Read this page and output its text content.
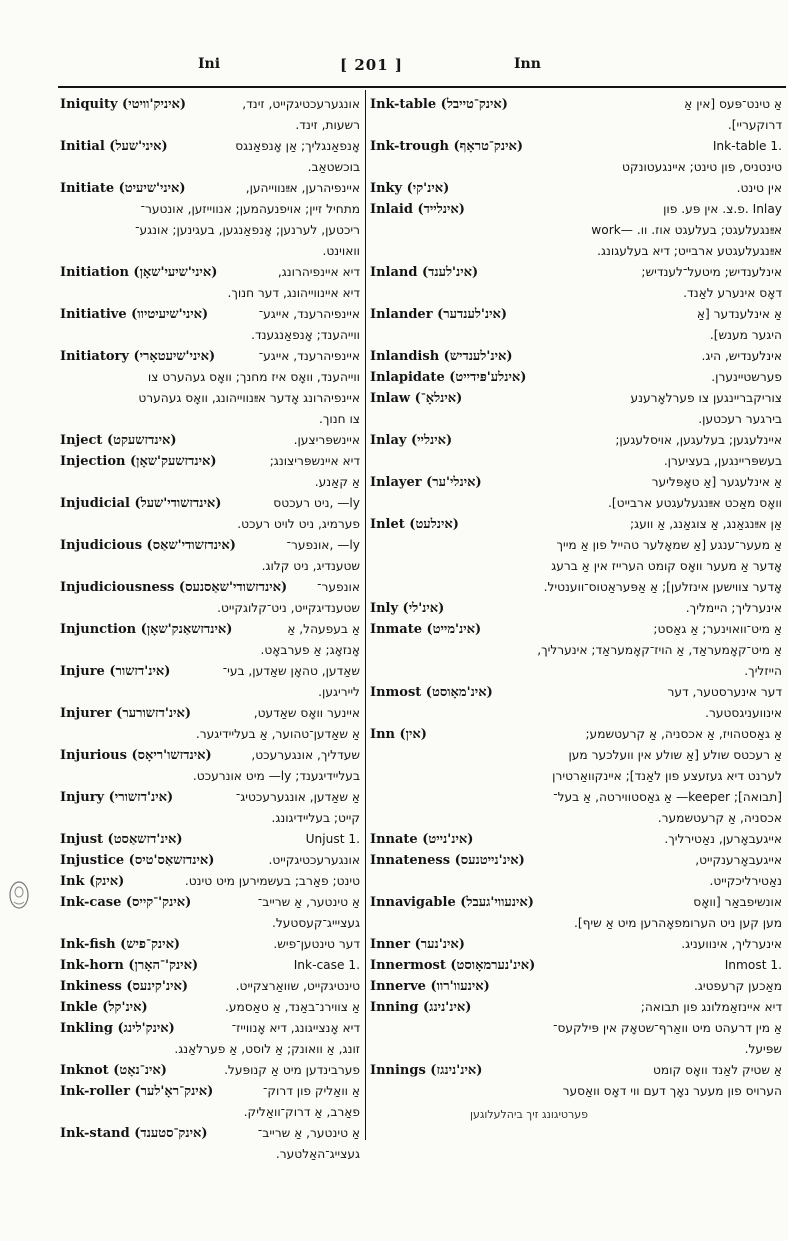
Ini	[ 201 ]	Inn
Ink-table (אינק־טייבל)	אַ טינט־פּעס [אין אַ
דרוקעריי].
Ink-trough (אינק־טראָף)	.1 Ink-table
טינטניס, פון טינט; איינגעטונקט
Inky (אינ'קי)	אין טינט.
Inlaid (אינלייד)	Inlay .פ.צ. אין פּע. פון
אײַנגעלעגט; בעלעגט אוז. וו. —work
אײַנגעלעגטע ארבייט; דיא בעלעגונג.
Inland (אינ'לענד)	אינלענדיש; מיטעל־לענדיש;
דאָס אינערע לאַנד.
Inlander (אינ'לענדער)	אַ אינלענדער [אַ
היגער מענש].
Inlandish (אינ'לענדיש)	אינלענדיש, היג.
Inlapidate (אינלע'פּידייט)	פערשטיינערן.
Inlaw (אינלאָ־)	צוריקבריינגען צו פערלאָרענע
בירגער רעכטען.
Inlay (אינליי)	איינלעגען; בעלעגען, אויסלעגען;
בעשפּריינגען, בעציערן.
Inlayer (אינלי'ער)	אַ אינלעגער [אַ טאָפּליער
וואָס מאַכט אײַנגעלעגטע ארבייט].
Inlet (אינלעט)	אַן אײַנגאַנג, אַ צוגאַנג, אַ וועג;
אַ מעער־ענגע [אַ שמאָלער טהייל פון אַ מייך
אָדער אַ מעער וואָס קומט הערייז אין אַ ברעג
אָדער צווישען אינזלען]; אַ אַפּעראַטוס־ווענטיל.
Inly (אינ'לי)	אינערליך; היימליך.
Inmate (אינ'מייט)	אַ מיט־וואוינער; אַ גאַסט;
אַ מיט־קאָמעראַד, אַ הויז־קאָמעראַד; אינערליך,
הייזליך.
Inmost (אינ'מאָוסט)	דער אינערסטער, דער
אינוועניגסטער.
Inn (אין)	אַ גאַסטהויז, אַ אכסניה, אַ קרעטשמע;
אַ רעכטס שולע [אַ שולע אין וועלכער מען
לערנט דיא געזעצע פון לאַנד]; איינקוואַרטירן
[תבואה]; keeper— אַ גאַסטווירטה, אַ בעל־
אכסניה, אַ קרעטשמער.
Innate (אינ'נייט)	אייגעבאָרען, נאַטירליך.
Innateness (אינ'נייטנעס)	אייגעבאָרענקייט,
נאַטירליכקייט.
Innavigable (אינעווי'געבל)	אונשיפבאַר [וואָס
מען קען ניט הערומפאָהרען מיט אַ שיף].
Inner (אינ'נער)	אינערליך, אינוועניג.
Innermost (אינ'נערמאָוסט)	.1 Inmost
Innerve (אינעוו'רוו)	מאַכען קרעפטיג.
Inning (אינ'נינג)	דיא איינזאַמלונג פון תבואה;
אַ מין דרעהט מיט וואַרף־שטאָק אין פּילקעס־
שפּיעל.
Innings (אינ'נינגז)	אַ שטיק לאַנד וואָס קומט
הערויס פון מעער נאָך דעם ווי דאָס וואַסער
Iniquity (איניק'וויטי)	אונגערעכטיגקייט, זינד,
רשעות, זינד.
Initial (איני'שעל)	אָנפאַנגליך; אַן אָנפאַנגס
בוכשטאַב.
Initiate (איני'שיעיט)	איינפיהרען, אײַנווייהען,
מתחיל זיין; אויפנעהמען; אנווייזען, אונטער־
ריכטען, לערנען; אָנפאַנגען, בעגינען; אונגע־
וואוינט.
Initiation (איני'שיעי'שאָן)	דיא איינפיהרונג,
דיא איינווייהונג, דער חנוך.
Initiative (איני'שיעיטיוו)	איינפיהרענד, אייגע־
ווייהענד; אָנפאַנגענד.
Initiatory (איני'שיעטאָרי)	איינפיהרענד, אייגע־
ווייהענד, וואָס איז מחנך; וואָס געהערט צו
איינפיהרונג אָדער אײַנווייהונג, וואָס געהערט
צו חנוך.
Inject (אינדזשעקט)	איינשפּריצען.
Injection (אינדזשעק'שאָן)	דיא איינשפּריצונג;
אַ קאַנע.
Injudicial (אינדזשודי'שעל)	ly— ,ניט רעכטס
פערמיג, ניט לויט רעכט.
Injudicious (אינדזשודי'שאַס)	ly— ,אונפער־
שטענדיג, ניט קלוג.
Injudiciousness (אינדזשודי'שאַסנעס) אונפער־
שטענדיגקייט, ניט־קלוגקייט.
Injunction (אינדזשאַנק'שאָן)	אַ בעפעהל, אַ
אָנזאָג; אַ פערבאָט.
Injure (אינ'דזשור)	שאַדען, טהאָן שאַדען, בעי־
לייריגען.
Injurer (אינ'דזשורער)	איינער וואָס שאַדעט,
אַ שאַדען־טהוער, אַ בעליידיגער.
Injurious (אינדזשו'ריאָס)	שעדליך, אונגערעכט,
בעליידיגענד; ly— מיט אונרעכט.
Injury (אינ'דזשורי)	אַ שאַדען, אונגערעכטיג־
קייט; בעליידיגונג.
Injust (אינ'דזשאַסט)	.1 Unjust
Injustice (אינדזשאַס'טיס)	אונגערעכטיגקייט.
Ink (אינק)	טינט; פאַרב; בעשמירען מיט טינט.
Ink-case (אינק'־קייס)	אַ טינטער, אַ שרייב־
געציייג־קעסטעל.
Ink-fish (אינק־פיש)	דער טינטען־פיש.
Ink-horn (אינק'־האָרן)	.1 Ink-case
Inkiness (אינ'קינעס)	טינטיגקייט, שוואַרצקייט.
Inkle (אינ'קל)	אַ צווירנ־באַנד, אַ טאַסמע.
Inkling (אינק'לינג)	דיא אָנצייגונג, דיא אָנווייז־
זונג, אַ וואונק; אַ לוסט, אַ פערלאַנג.
Inknot (אינ־נאָט)	פערבינדען מיט אַ קנופּעל.
Ink-roller (אינק־ראָ'לער)	אַ וואַליק פון דרוק־
פאַרב, אַ דרוק־וואַליק.
Ink-stand (אינק־סטענד)	אַ טינטער, אַ שרייב־
געצייג־האַלטער.
פערטיגונג זיך ביהלעלוגען
